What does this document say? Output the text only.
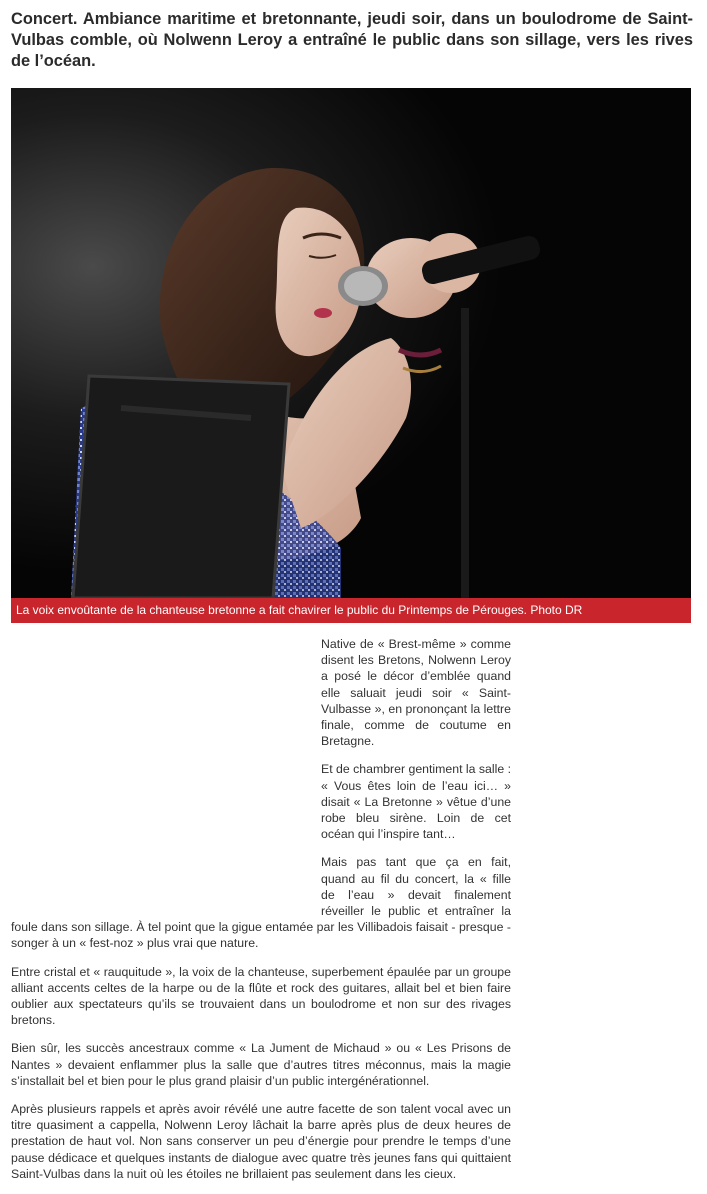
Concert. Ambiance maritime et bretonnante, jeudi soir, dans un boulodrome de Saint-Vulbas comble, où Nolwenn Leroy a entraîné le public dans son sillage, vers les rives de l’océan.
La voix envoûtante de la chanteuse bretonne a fait chavirer le public du Printemps de Pérouges. Photo DR

Native de « Brest-même » comme disent les Bretons, Nolwenn Leroy a posé le décor d’emblée quand elle saluait jeudi soir « Saint-Vulbasse », en prononçant la lettre finale, comme de coutume en Bretagne.

Et de chambrer gentiment la salle : « Vous êtes loin de l’eau ici… » disait « La Bretonne » vêtue d’une robe bleu sirène. Loin de cet océan qui l’inspire tant…

Mais pas tant que ça en fait, quand au fil du concert, la « fille de l’eau » devait finalement réveiller le public et entraîner la foule dans son sillage. À tel point que la gigue entamée par les Villibadois faisait - presque - songer à un « fest-noz » plus vrai que nature.

Entre cristal et « rauquitude », la voix de la chanteuse, superbement épaulée par un groupe alliant accents celtes de la harpe ou de la flûte et rock des guitares, allait bel et bien faire oublier aux spectateurs qu’ils se trouvaient dans un boulodrome et non sur des rivages bretons.

Bien sûr, les succès ancestraux comme « La Jument de Michaud » ou « Les Prisons de Nantes » devaient enflammer plus la salle que d’autres titres méconnus, mais la magie s’installait bel et bien pour le plus grand plaisir d’un public intergénérationnel.

Après plusieurs rappels et après avoir révélé une autre facette de son talent vocal avec un titre quasiment a cappella, Nolwenn Leroy lâchait la barre après plus de deux heures de prestation de haut vol. Non sans conserver un peu d’énergie pour prendre le temps d’une pause dédicace et quelques instants de dialogue avec quatre très jeunes fans qui quittaient Saint-Vulbas dans la nuit où les étoiles ne brillaient pas seulement dans les cieux.
